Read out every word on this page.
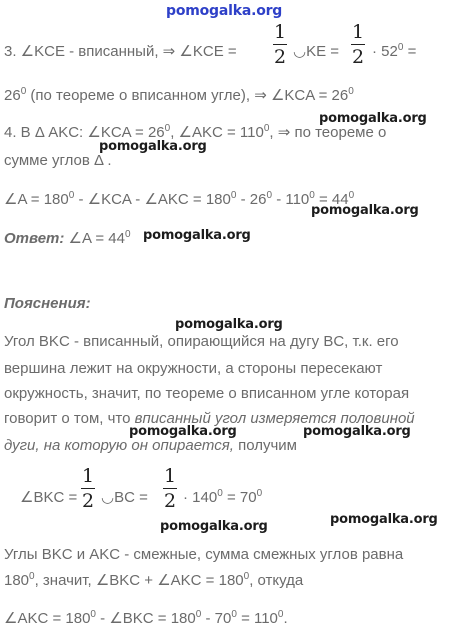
pomogalka.org
3. ∠KCE - вписанный, ⇒ ∠KCE =
1
2 ◡KE =
1
$2 \cdot 52^0$ =
$26^0$ (по теореме о вписанном угле), ⇒ ∠KCA = $26^0$
4. В Δ AKC: ∠KCA = $26^0$, ∠AKC = $110^0$, ⇒ по теореме о
pomogalka.org
сумме углов Δ .
pomogalka.org
∠A = $180^0$ - ∠KCA - ∠AKC = $180^0 - 26^0 - 110^0 = 44^0$
pomogalka.org
Ответ: ∠A = $44^0$ pomogalka.org
Пояснения:
pomogalka.org
Угол BKC - вписанный, опирающийся на дугу BC, т.к. его
вершина лежит на окружности, а стороны пересекают
окружность, значит, по теореме о вписанном угле которая
говорит о том, что вписанный угол измеряется половиной
pomogalka.org	pomogalka.org
дуги, на которую он опирается, получим
∠BKC =
1
2 ◡BC =
1
$2 \cdot 140^0 = 70^0$
pomogalka.org	pomogalka.org
Углы BKC и AKC - смежные, сумма смежных углов равна
$180^0$, значит, ∠BKC + ∠AKC = $180^0$, откуда
∠AKC = $180^0$ - ∠BKC = $180^0 - 70^0 = 110^0$.
